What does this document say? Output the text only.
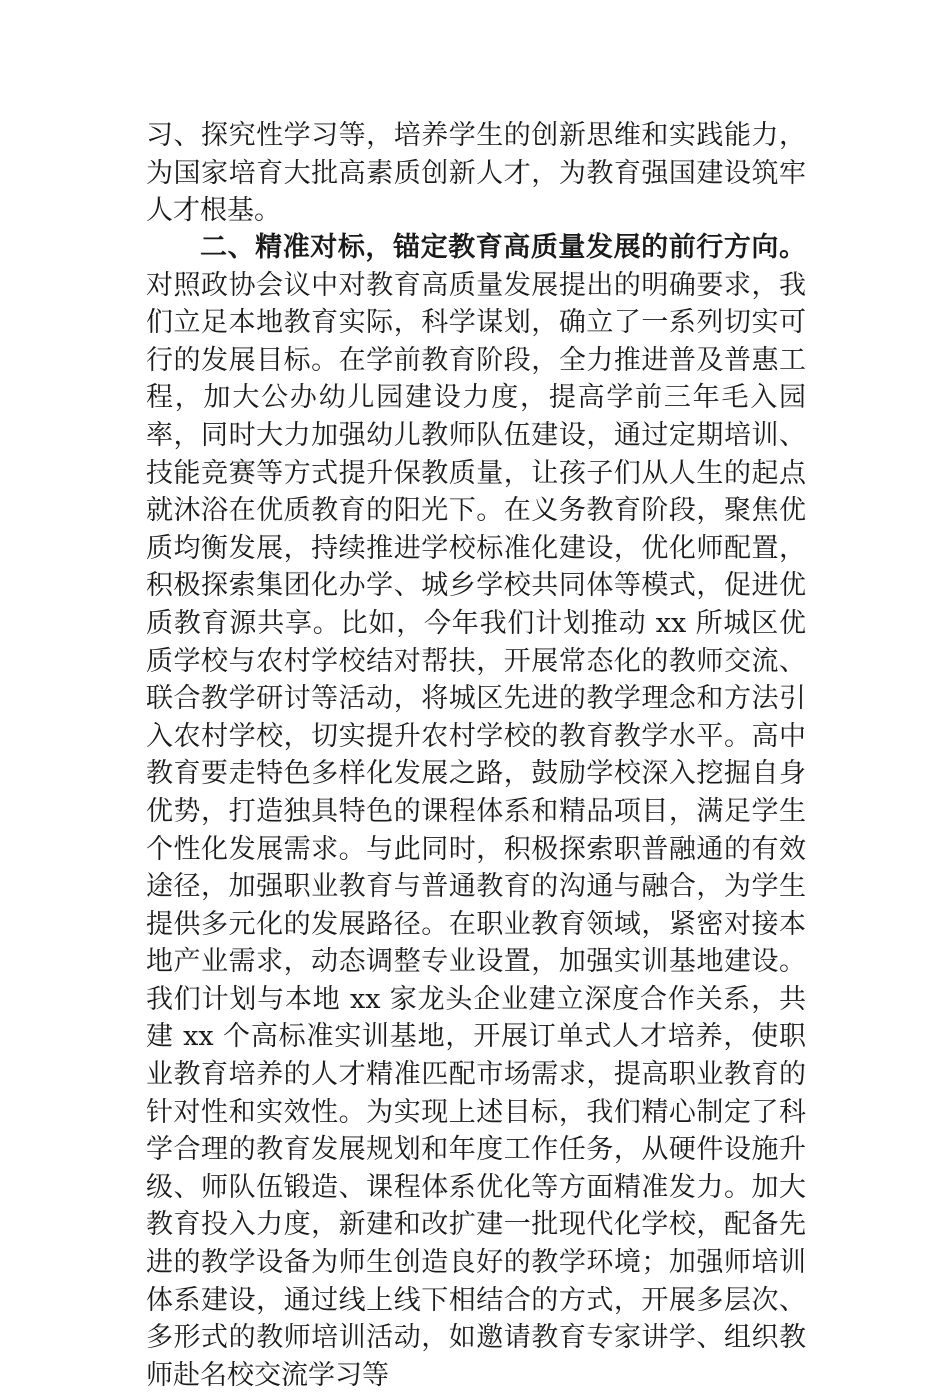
习、探究性学习等，培养学生的创新思维和实践能力，为国家培育大批高素质创新人才，为教育强国建设筑牢人才根基。
二、精准对标，锚定教育高质量发展的前行方向。对照政协会议中对教育高质量发展提出的明确要求，我们立足本地教育实际，科学谋划，确立了一系列切实可行的发展目标。在学前教育阶段，全力推进普及普惠工程，加大公办幼儿园建设力度，提高学前三年毛入园率，同时大力加强幼儿教师队伍建设，通过定期培训、技能竞赛等方式提升保教质量，让孩子们从人生的起点就沐浴在优质教育的阳光下。在义务教育阶段，聚焦优质均衡发展，持续推进学校标准化建设，优化师配置，积极探索集团化办学、城乡学校共同体等模式，促进优质教育源共享。比如，今年我们计划推动 xx 所城区优质学校与农村学校结对帮扶，开展常态化的教师交流、联合教学研讨等活动，将城区先进的教学理念和方法引入农村学校，切实提升农村学校的教育教学水平。高中教育要走特色多样化发展之路，鼓励学校深入挖掘自身优势，打造独具特色的课程体系和精品项目，满足学生个性化发展需求。与此同时，积极探索职普融通的有效途径，加强职业教育与普通教育的沟通与融合，为学生提供多元化的发展路径。在职业教育领域，紧密对接本地产业需求，动态调整专业设置，加强实训基地建设。我们计划与本地 xx 家龙头企业建立深度合作关系，共建 xx 个高标准实训基地，开展订单式人才培养，使职业教育培养的人才精准匹配市场需求，提高职业教育的针对性和实效性。为实现上述目标，我们精心制定了科学合理的教育发展规划和年度工作任务，从硬件设施升级、师队伍锻造、课程体系优化等方面精准发力。加大教育投入力度，新建和改扩建一批现代化学校，配备先进的教学设备为师生创造良好的教学环境；加强师培训体系建设，通过线上线下相结合的方式，开展多层次、多形式的教师培训活动，如邀请教育专家讲学、组织教师赴名校交流学习等
